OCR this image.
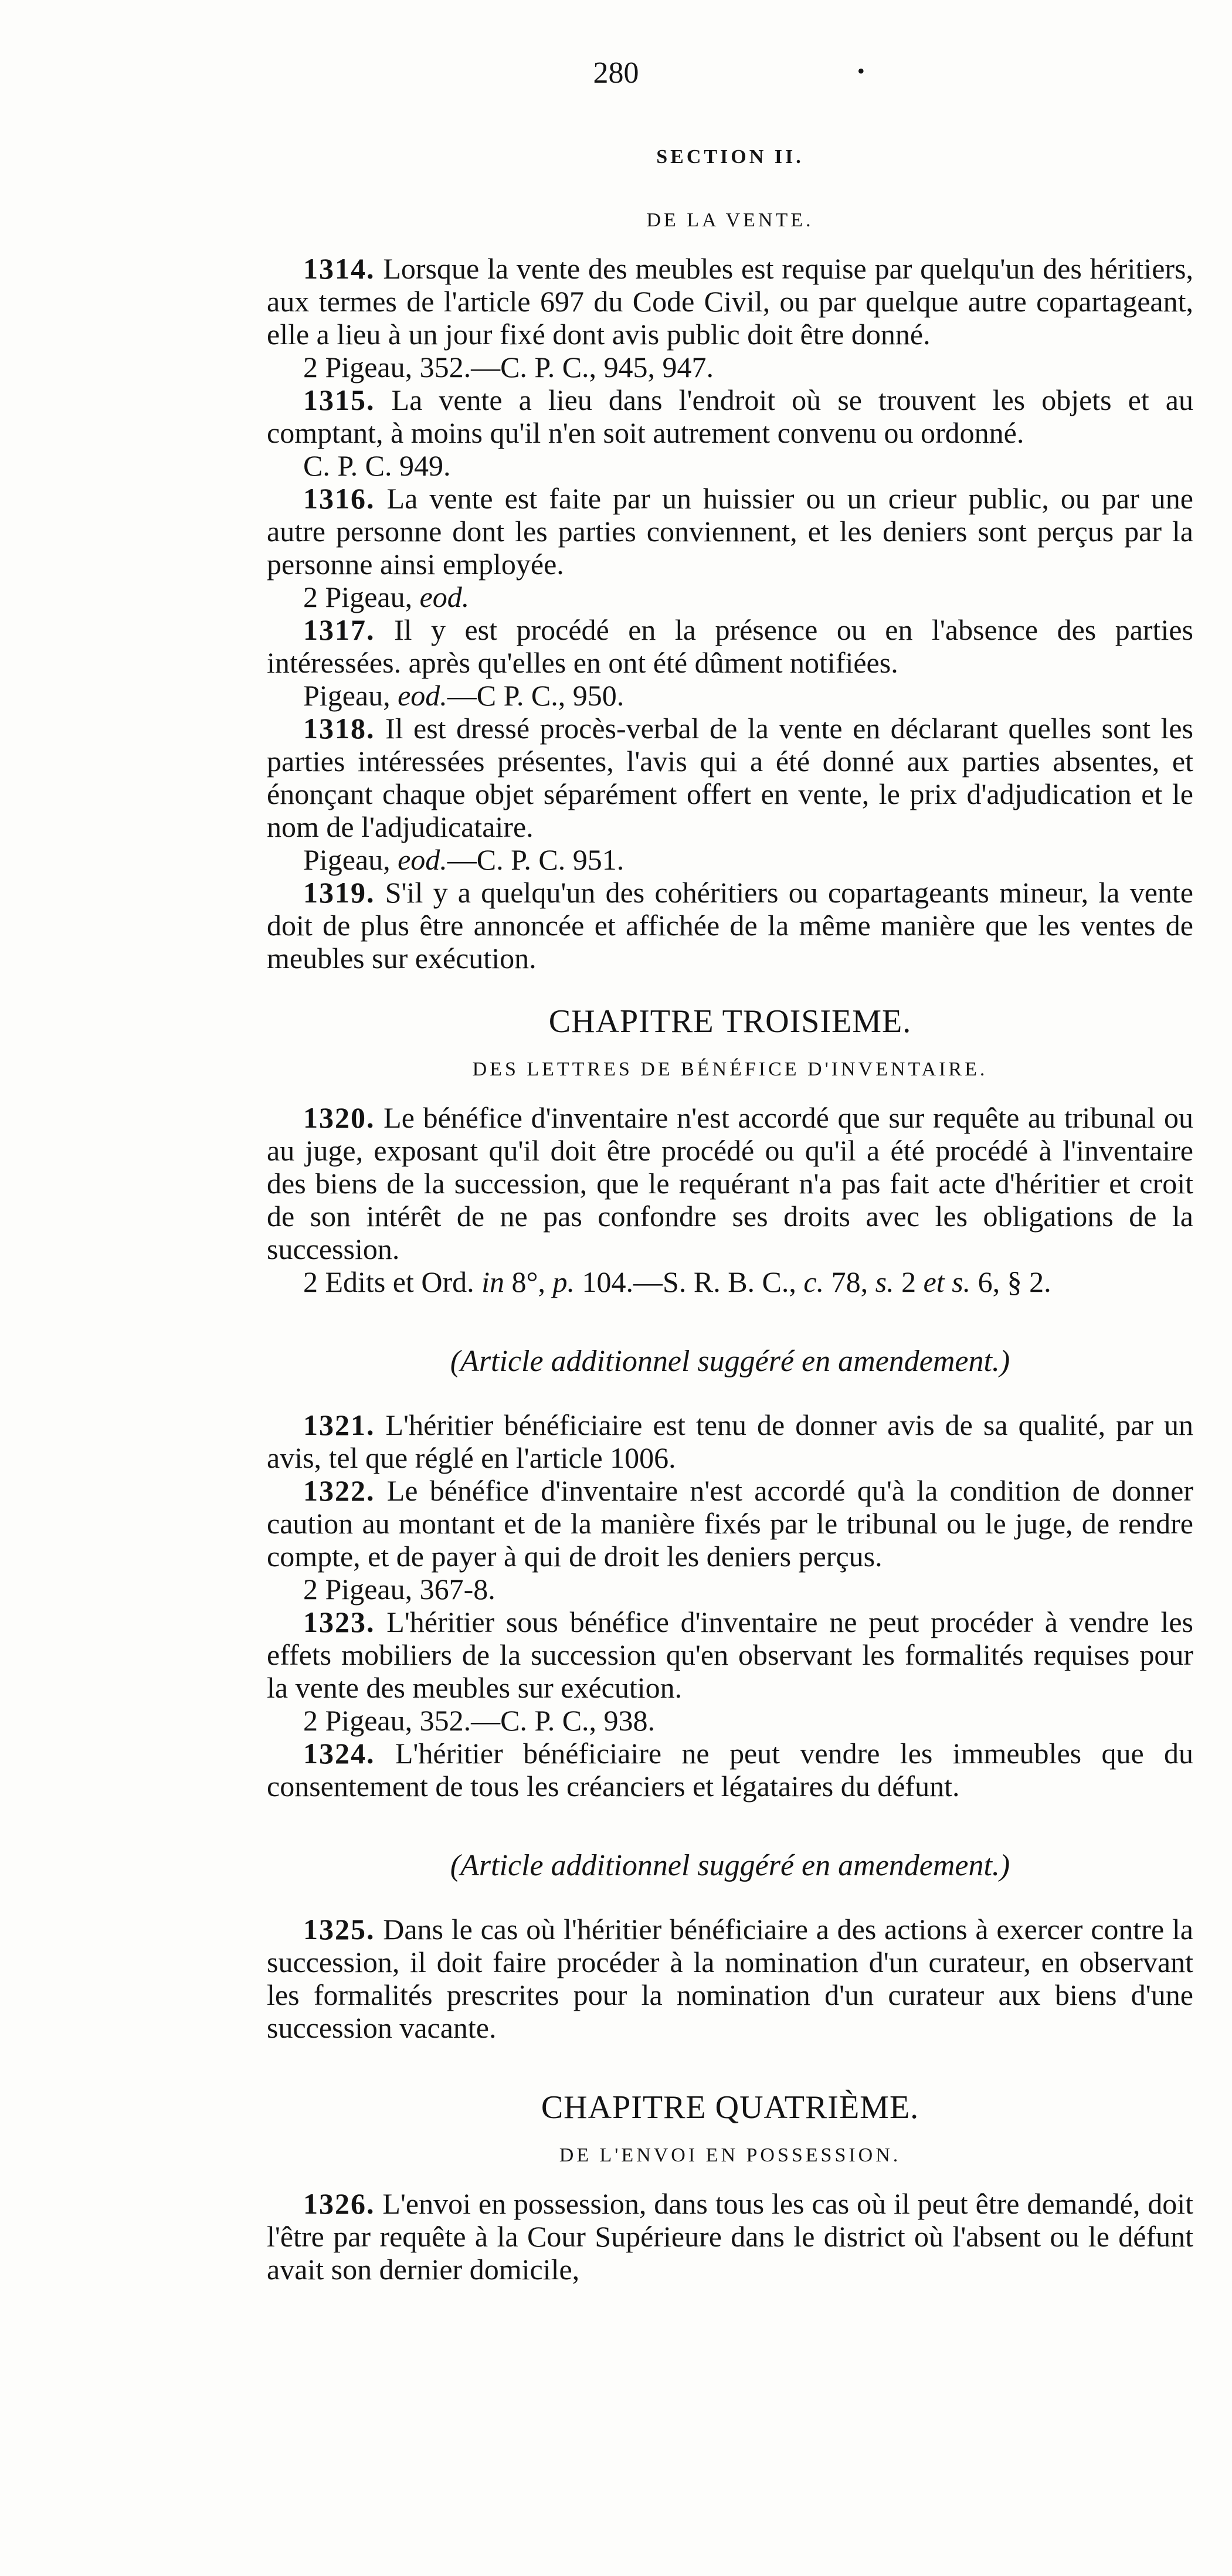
280	•

SECTION II.

DE LA VENTE.

1314. Lorsque la vente des meubles est requise par quelqu'un des héritiers, aux termes de l'article 697 du Code Civil, ou par quelque autre copartageant, elle a lieu à un jour fixé dont avis public doit être donné.

2 Pigeau, 352.—C. P. C., 945, 947.

1315. La vente a lieu dans l'endroit où se trouvent les objets et au comptant, à moins qu'il n'en soit autrement convenu ou ordonné.

C. P. C. 949.

1316. La vente est faite par un huissier ou un crieur public, ou par une autre personne dont les parties conviennent, et les deniers sont perçus par la personne ainsi employée.

2 Pigeau, eod.

1317. Il y est procédé en la présence ou en l'absence des parties intéressées. après qu'elles en ont été dûment notifiées.

Pigeau, eod.—C P. C., 950.

1318. Il est dressé procès-verbal de la vente en déclarant quelles sont les parties intéressées présentes, l'avis qui a été donné aux parties absentes, et énonçant chaque objet séparément offert en vente, le prix d'adjudication et le nom de l'adjudicataire.

Pigeau, eod.—C. P. C. 951.

1319. S'il y a quelqu'un des cohéritiers ou copartageants mineur, la vente doit de plus être annoncée et affichée de la même manière que les ventes de meubles sur exécution.

CHAPITRE TROISIEME.

DES LETTRES DE BÉNÉFICE D'INVENTAIRE.

1320. Le bénéfice d'inventaire n'est accordé que sur requête au tribunal ou au juge, exposant qu'il doit être procédé ou qu'il a été procédé à l'inventaire des biens de la succession, que le requérant n'a pas fait acte d'héritier et croit de son intérêt de ne pas confondre ses droits avec les obligations de la succession.

2 Edits et Ord. in 8°, p. 104.—S. R. B. C., c. 78, s. 2 et s. 6, § 2.

(Article additionnel suggéré en amendement.)

1321. L'héritier bénéficiaire est tenu de donner avis de sa qualité, par un avis, tel que réglé en l'article 1006.

1322. Le bénéfice d'inventaire n'est accordé qu'à la condition de donner caution au montant et de la manière fixés par le tribunal ou le juge, de rendre compte, et de payer à qui de droit les deniers perçus.

2 Pigeau, 367-8.

1323. L'héritier sous bénéfice d'inventaire ne peut procéder à vendre les effets mobiliers de la succession qu'en observant les formalités requises pour la vente des meubles sur exécution.

2 Pigeau, 352.—C. P. C., 938.

1324. L'héritier bénéficiaire ne peut vendre les immeubles que du consentement de tous les créanciers et légataires du défunt.

(Article additionnel suggéré en amendement.)

1325. Dans le cas où l'héritier bénéficiaire a des actions à exercer contre la succession, il doit faire procéder à la nomination d'un curateur, en observant les formalités prescrites pour la nomination d'un curateur aux biens d'une succession vacante.

CHAPITRE QUATRIÈME.

DE L'ENVOI EN POSSESSION.

1326. L'envoi en possession, dans tous les cas où il peut être demandé, doit l'être par requête à la Cour Supérieure dans le district où l'absent ou le défunt avait son dernier domicile,
